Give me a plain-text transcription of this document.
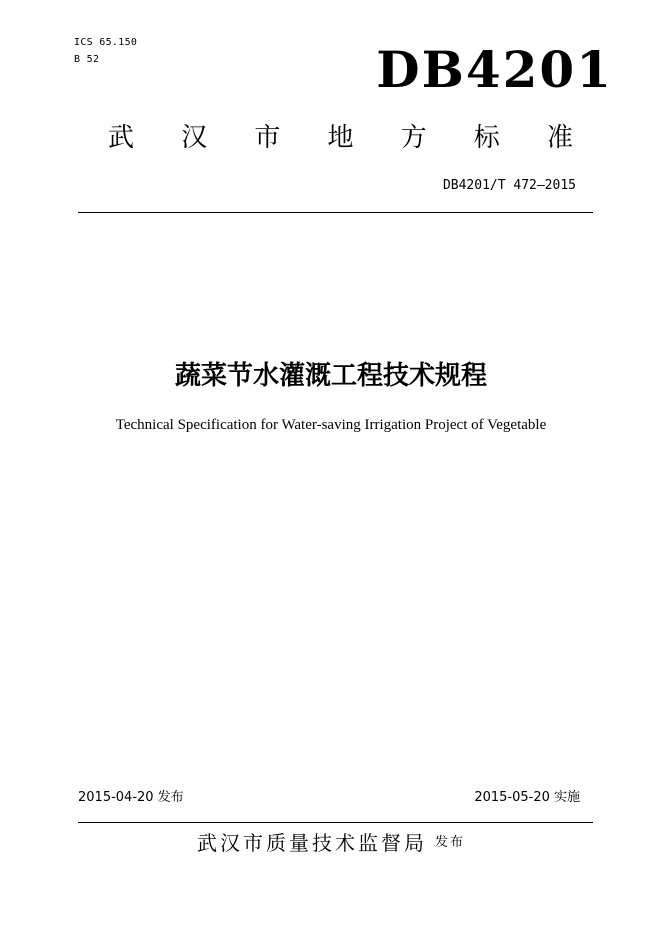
ICS 65.150
B 52	DB4201
武 汉 市 地 方 标 准
DB4201/T 472—2015
蔬菜节水灌溉工程技术规程
Technical Specification for Water-saving Irrigation Project of Vegetable
2015-04-20 发布	2015-05-20 实施
武汉市质量技术监督局 发布
